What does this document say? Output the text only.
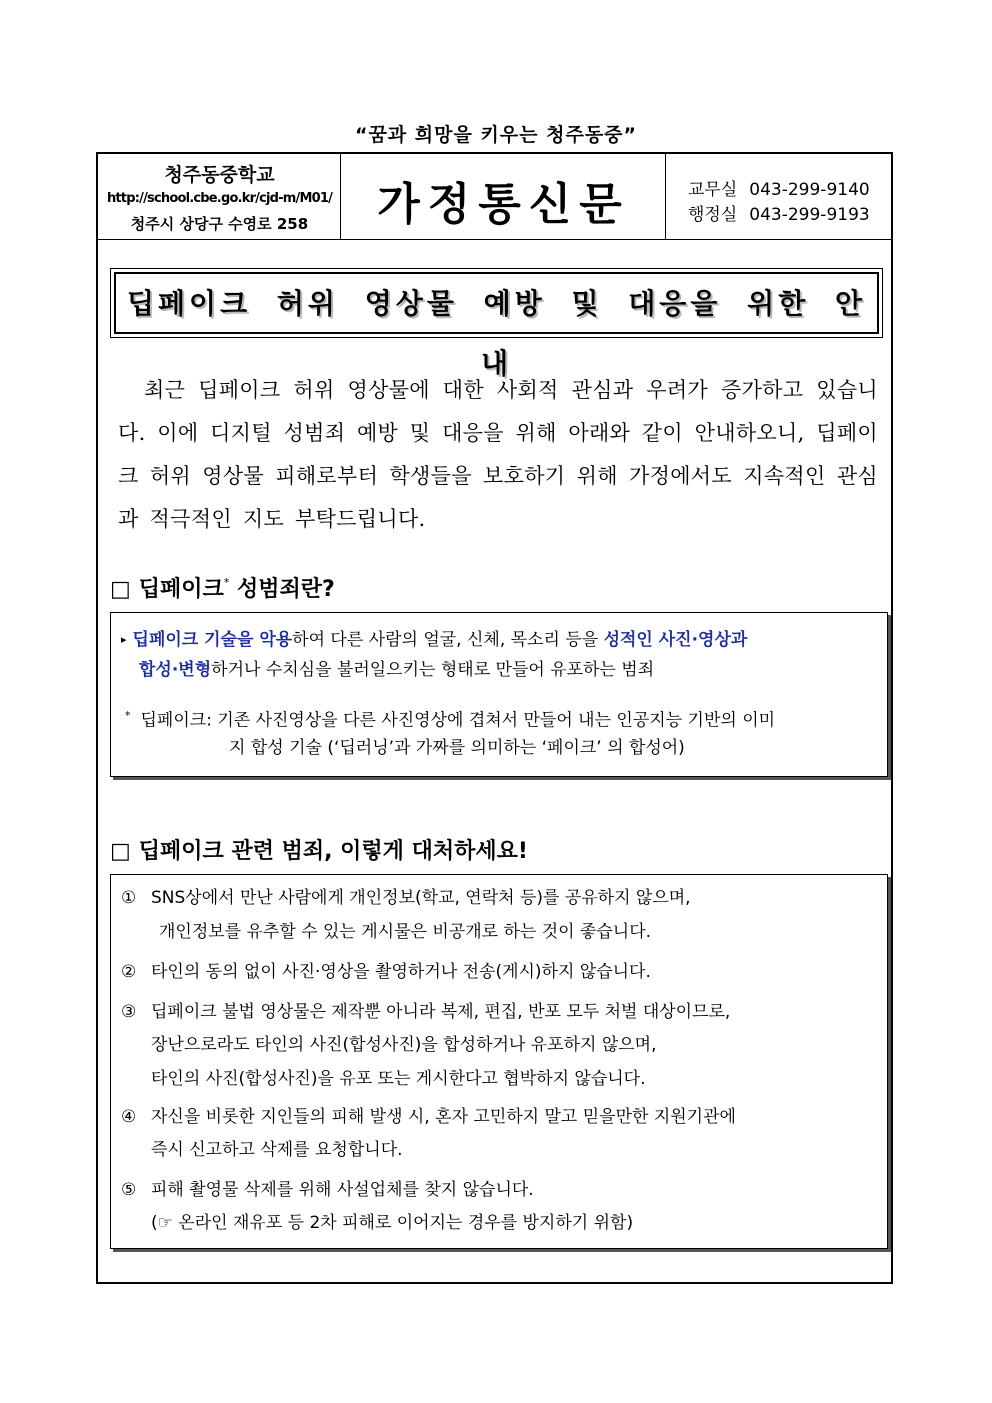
“꿈과 희망을 키우는 청주동중”
청주동중학교
http://school.cbe.go.kr/cjd-m/M01/
청주시 상당구 수영로 258	가정통신문	교무실 043-299-9140
행정실 043-299-9193
딥페이크 허위 영상물 예방 및 대응을 위한 안내
최근 딥페이크 허위 영상물에 대한 사회적 관심과 우려가 증가하고 있습니다. 이에 디지털 성범죄 예방 및 대응을 위해 아래와 같이 안내하오니, 딥페이크 허위 영상물 피해로부터 학생들을 보호하기 위해 가정에서도 지속적인 관심과 적극적인 지도 부탁드립니다.
□ 딥페이크* 성범죄란?
▸ 딥페이크 기술을 악용하여 다른 사람의 얼굴, 신체, 목소리 등을 성적인 사진·영상과
합성·변형하거나 수치심을 불러일으키는 형태로 만들어 유포하는 범죄
* 딥페이크: 기존 사진영상을 다른 사진영상에 겹쳐서 만들어 내는 인공지능 기반의 이미
지 합성 기술 (‘딥러닝’과 가짜를 의미하는 ‘페이크’ 의 합성어)
□ 딥페이크 관련 범죄, 이렇게 대처하세요!
① SNS상에서 만난 사람에게 개인정보(학교, 연락처 등)를 공유하지 않으며,
개인정보를 유추할 수 있는 게시물은 비공개로 하는 것이 좋습니다.
② 타인의 동의 없이 사진·영상을 촬영하거나 전송(게시)하지 않습니다.
③ 딥페이크 불법 영상물은 제작뿐 아니라 복제, 편집, 반포 모두 처벌 대상이므로,
장난으로라도 타인의 사진(합성사진)을 합성하거나 유포하지 않으며,
타인의 사진(합성사진)을 유포 또는 게시한다고 협박하지 않습니다.
④ 자신을 비롯한 지인들의 피해 발생 시, 혼자 고민하지 말고 믿을만한 지원기관에
즉시 신고하고 삭제를 요청합니다.
⑤ 피해 촬영물 삭제를 위해 사설업체를 찾지 않습니다.
(☞ 온라인 재유포 등 2차 피해로 이어지는 경우를 방지하기 위함)
